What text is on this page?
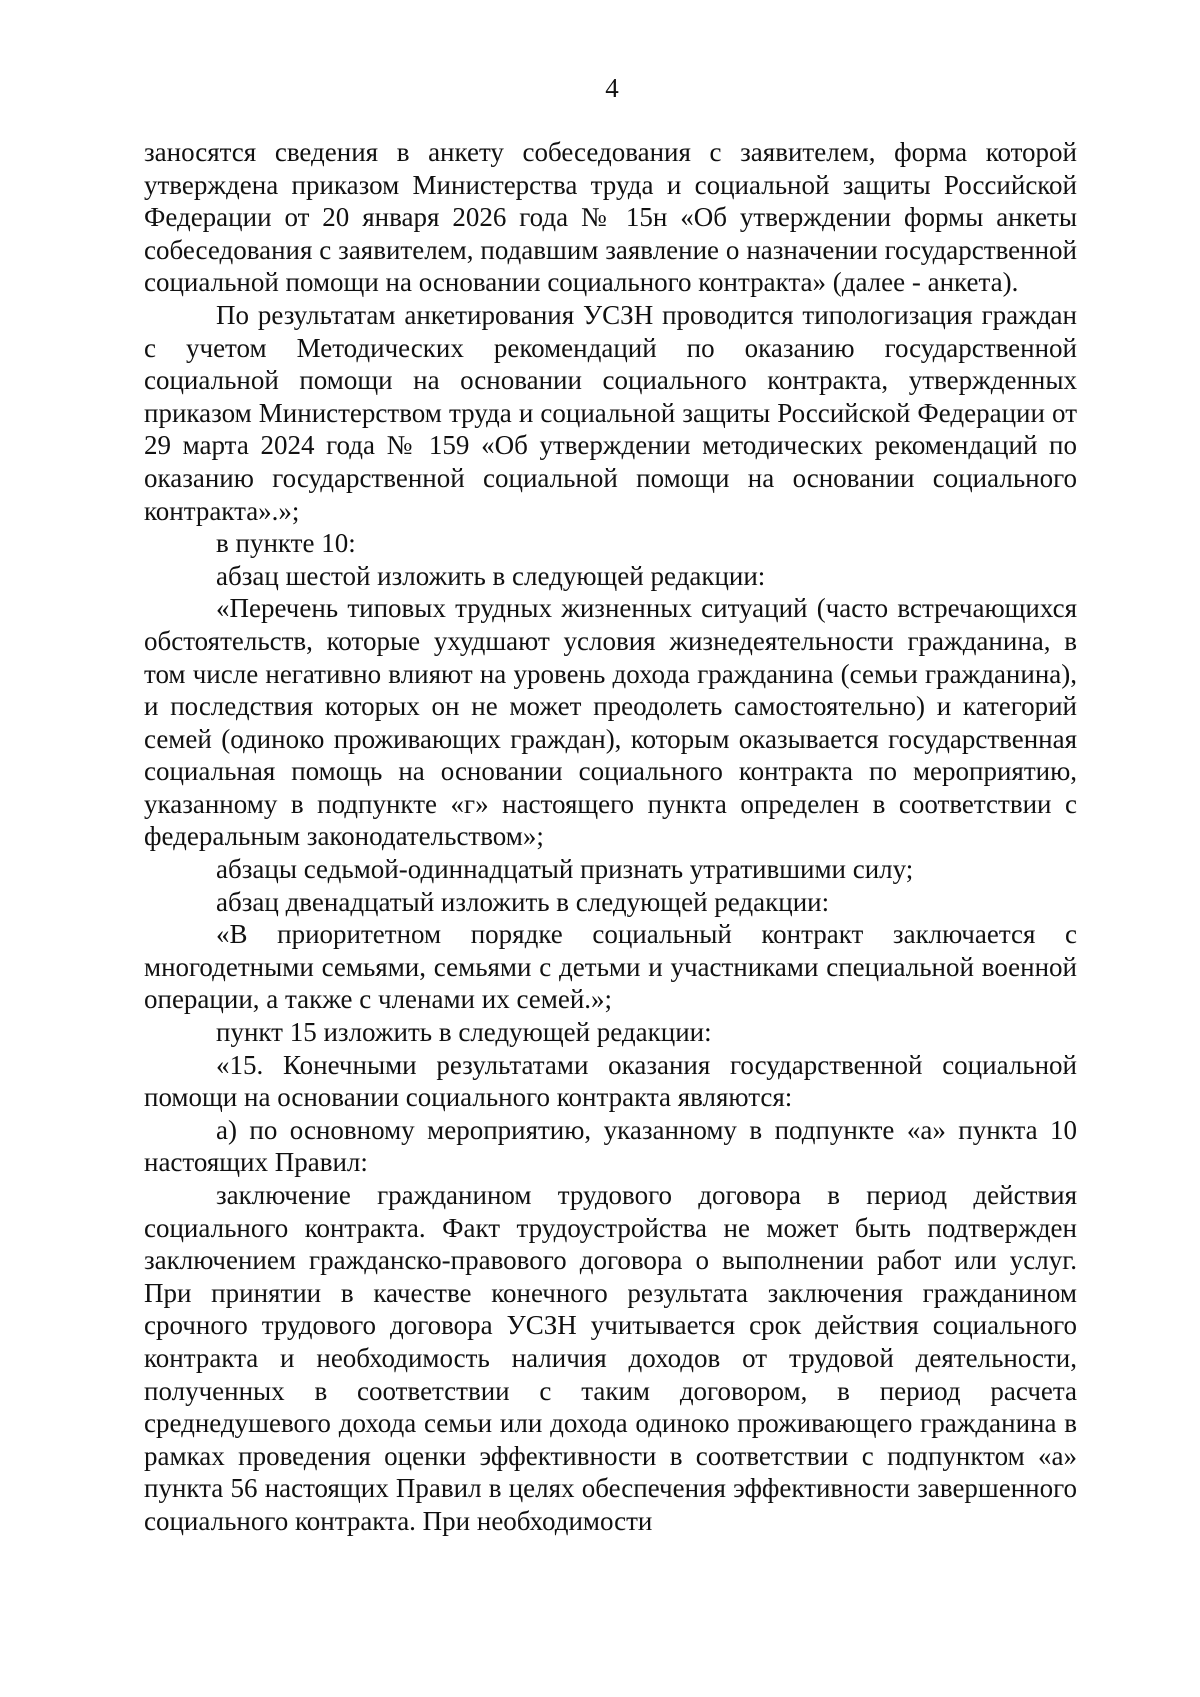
4

заносятся сведения в анкету собеседования с заявителем, форма которой утверждена приказом Министерства труда и социальной защиты Российской Федерации от 20 января 2026 года № 15н «Об утверждении формы анкеты собеседования с заявителем, подавшим заявление о назначении государственной социальной помощи на основании социального контракта» (далее - анкета).

По результатам анкетирования УСЗН проводится типологизация граждан с учетом Методических рекомендаций по оказанию государственной социальной помощи на основании социального контракта, утвержденных приказом Министерством труда и социальной защиты Российской Федерации от 29 марта 2024 года № 159 «Об утверждении методических рекомендаций по оказанию государственной социальной помощи на основании социального контракта».»;

в пункте 10:

абзац шестой изложить в следующей редакции:

«Перечень типовых трудных жизненных ситуаций (часто встречающихся обстоятельств, которые ухудшают условия жизнедеятельности гражданина, в том числе негативно влияют на уровень дохода гражданина (семьи гражданина), и последствия которых он не может преодолеть самостоятельно) и категорий семей (одиноко проживающих граждан), которым оказывается государственная социальная помощь на основании социального контракта по мероприятию, указанному в подпункте «г» настоящего пункта определен в соответствии с федеральным законодательством»;

абзацы седьмой-одиннадцатый признать утратившими силу;

абзац двенадцатый изложить в следующей редакции:

«В приоритетном порядке социальный контракт заключается с многодетными семьями, семьями с детьми и участниками специальной военной операции, а также с членами их семей.»;

пункт 15 изложить в следующей редакции:

«15. Конечными результатами оказания государственной социальной помощи на основании социального контракта являются:

а) по основному мероприятию, указанному в подпункте «а» пункта 10 настоящих Правил:

заключение гражданином трудового договора в период действия социального контракта. Факт трудоустройства не может быть подтвержден заключением гражданско-правового договора о выполнении работ или услуг. При принятии в качестве конечного результата заключения гражданином срочного трудового договора УСЗН учитывается срок действия социального контракта и необходимость наличия доходов от трудовой деятельности, полученных в соответствии с таким договором, в период расчета среднедушевого дохода семьи или дохода одиноко проживающего гражданина в рамках проведения оценки эффективности в соответствии с подпунктом «а» пункта 56 настоящих Правил в целях обеспечения эффективности завершенного социального контракта. При необходимости
